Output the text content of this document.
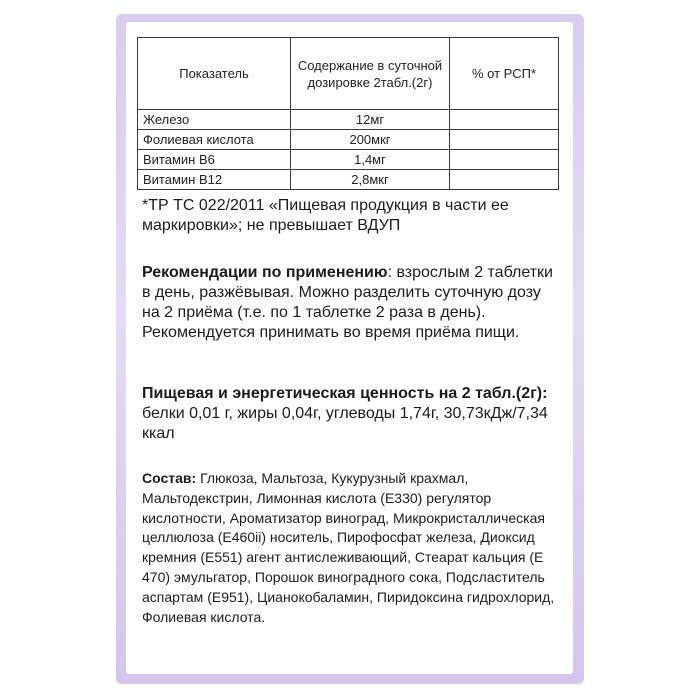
Показатель	Содержание в суточной дозировке 2табл.(2г)	% от РСП*
Железо	12мг	
Фолиевая кислота	200мкг	
Витамин В6	1,4мг	
Витамин В12	2,8мкг	

*ТР ТС 022/2011 «Пищевая продукция в части ее маркировки»; не превышает ВДУП

Рекомендации по применению: взрослым 2 таблетки в день, разжёвывая. Можно разделить суточную дозу на 2 приёма (т.е. по 1 таблетке 2 раза в день). Рекомендуется принимать во время приёма пищи.

Пищевая и энергетическая ценность на 2 табл.(2г): белки 0,01 г, жиры 0,04г, углеводы 1,74г, 30,73кДж/7,34 ккал

Состав: Глюкоза, Мальтоза, Кукурузный крахмал, Мальтодекстрин, Лимонная кислота (Е330) регулятор кислотности, Ароматизатор виноград, Микрокристаллическая целлюлоза (Е460ii) носитель, Пирофосфат железа, Диоксид кремния (Е551) агент антислеживающий, Стеарат кальция (Е 470) эмульгатор, Порошок виноградного сока, Подсластитель аспартам (Е951), Цианокобаламин, Пиридоксина гидрохлорид, Фолиевая кислота.
